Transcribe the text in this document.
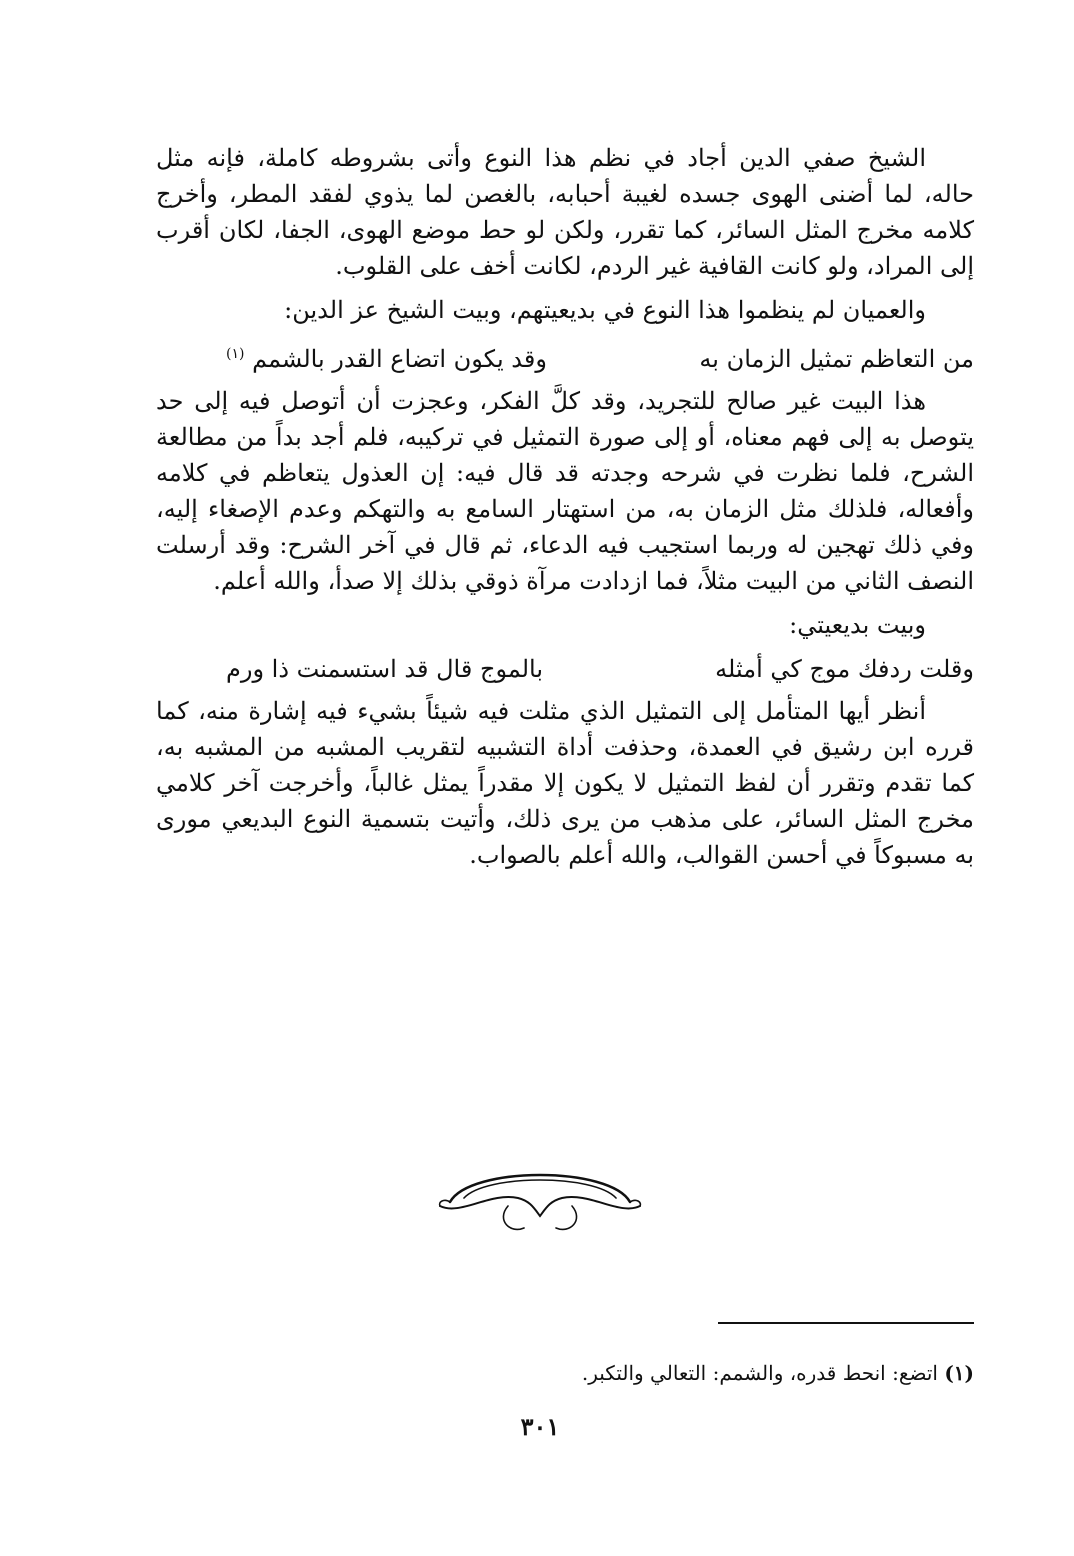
الشيخ صفي الدين أجاد في نظم هذا النوع وأتى بشروطه كاملة، فإنه مثل حاله، لما أضنى الهوى جسده لغيبة أحبابه، بالغصن لما يذوي لفقد المطر، وأخرج كلامه مخرج المثل السائر، كما تقرر، ولكن لو حط موضع الهوى، الجفا، لكان أقرب إلى المراد، ولو كانت القافية غير الردم، لكانت أخف على القلوب.

والعميان لم ينظموا هذا النوع في بديعيتهم، وبيت الشيخ عز الدين:

من التعاظم تمثيل الزمان به
وقد يكون اتضاع القدر بالشمم $^{(١)}$

هذا البيت غير صالح للتجريد، وقد كلَّ الفكر، وعجزت أن أتوصل فيه إلى حد يتوصل به إلى فهم معناه، أو إلى صورة التمثيل في تركيبه، فلم أجد بداً من مطالعة الشرح، فلما نظرت في شرحه وجدته قد قال فيه: إن العذول يتعاظم في كلامه وأفعاله، فلذلك مثل الزمان به، من استهتار السامع به والتهكم وعدم الإصغاء إليه، وفي ذلك تهجين له وربما استجيب فيه الدعاء، ثم قال في آخر الشرح: وقد أرسلت النصف الثاني من البيت مثلاً، فما ازدادت مرآة ذوقي بذلك إلا صدأ، والله أعلم.

وبيت بديعيتي:

وقلت ردفك موج كي أمثله
بالموج قال قد استسمنت ذا ورم

أنظر أيها المتأمل إلى التمثيل الذي مثلت فيه شيئاً بشيء فيه إشارة منه، كما قرره ابن رشيق في العمدة، وحذفت أداة التشبيه لتقريب المشبه من المشبه به، كما تقدم وتقرر أن لفظ التمثيل لا يكون إلا مقدراً يمثل غالباً، وأخرجت آخر كلامي مخرج المثل السائر، على مذهب من يرى ذلك، وأتيت بتسمية النوع البديعي مورى به مسبوكاً في أحسن القوالب، والله أعلم بالصواب.

(١) اتضع: انحط قدره، والشمم: التعالي والتكبر.
٣٠١
